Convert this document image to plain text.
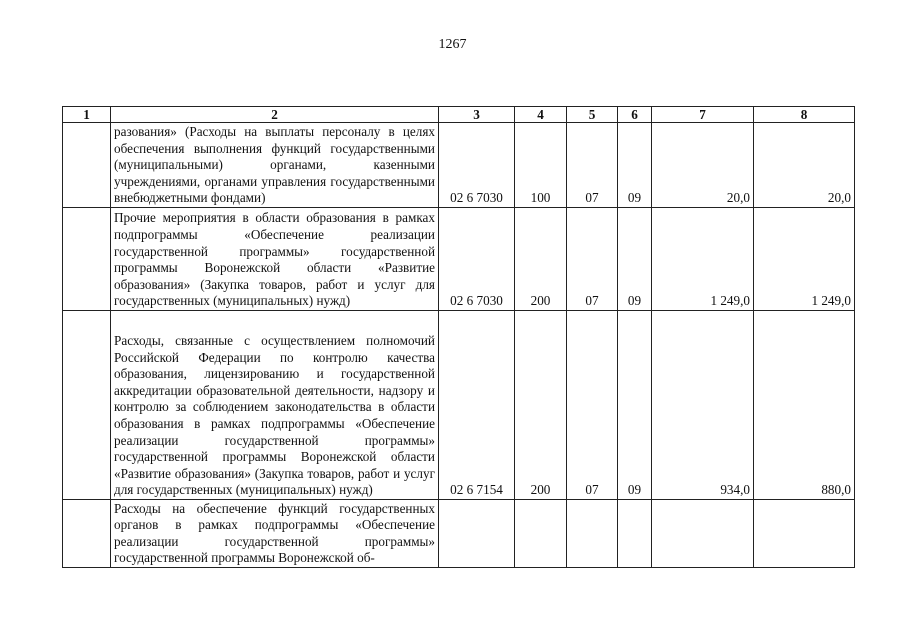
1267
1	2	3	4	5	6	7	8
	разования» (Расходы на выплаты персоналу в целях обеспечения выполнения функций государственными (муниципальными) органами, казенными учреждениями, органами управления государственными внебюджетными фондами)	02 6 7030	100	07	09	20,0	20,0
	Прочие мероприятия в области образования в рамках подпрограммы «Обеспечение реализации государственной программы» государственной программы Воронежской области «Развитие образования» (Закупка товаров, работ и услуг для государственных (муниципальных) нужд)	02 6 7030	200	07	09	1 249,0	1 249,0
	Расходы, связанные с осуществлением полномочий Российской Федерации по контролю качества образования, лицензированию и государственной аккредитации образовательной деятельности, надзору и контролю за соблюдением законодательства в области образования в рамках подпрограммы «Обеспечение реализации государственной программы» государственной программы Воронежской области «Развитие образования» (Закупка товаров, работ и услуг для государственных (муниципальных) нужд)	02 6 7154	200	07	09	934,0	880,0
	Расходы на обеспечение функций государственных органов в рамках подпрограммы «Обеспечение реализации государственной программы» государственной программы Воронежской об-						
